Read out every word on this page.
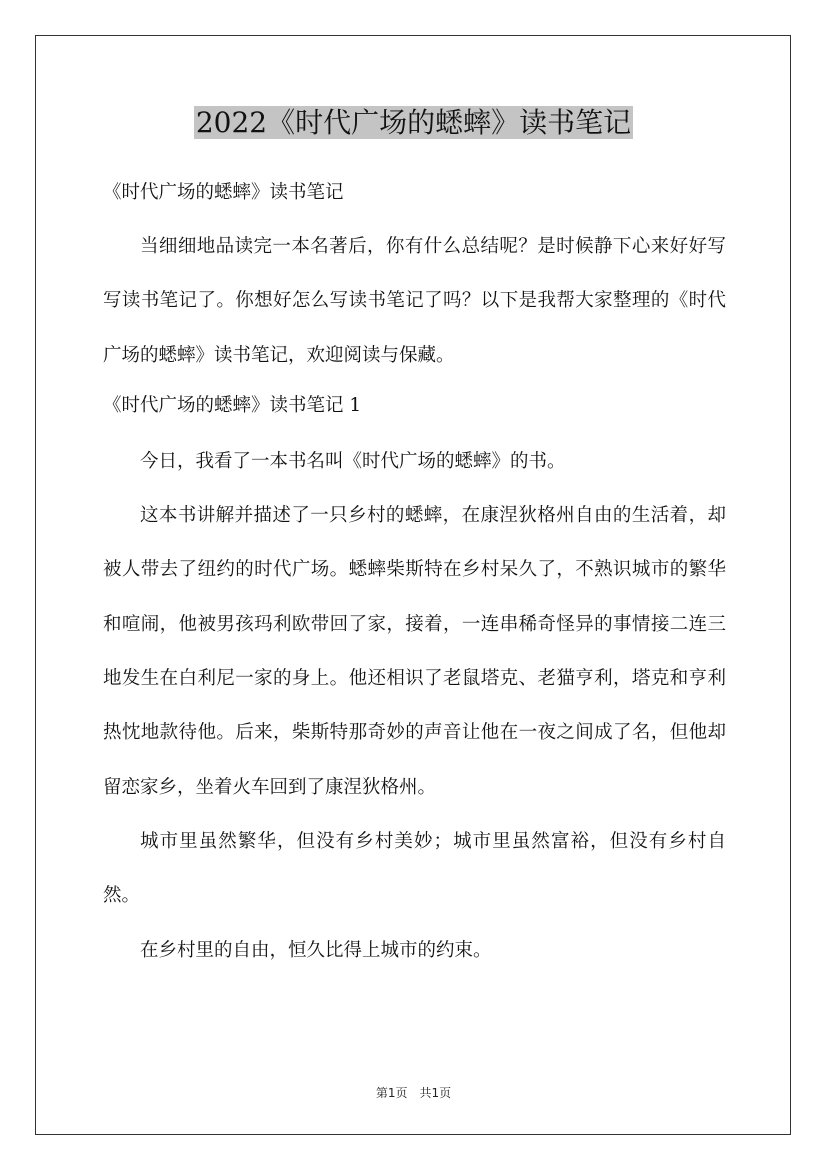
2022《时代广场的蟋蟀》读书笔记
《时代广场的蟋蟀》读书笔记
当细细地品读完一本名著后，你有什么总结呢？是时候静下心来好好写写读书笔记了。你想好怎么写读书笔记了吗？以下是我帮大家整理的《时代广场的蟋蟀》读书笔记，欢迎阅读与保藏。
《时代广场的蟋蟀》读书笔记 1
今日，我看了一本书名叫《时代广场的蟋蟀》的书。
这本书讲解并描述了一只乡村的蟋蟀，在康涅狄格州自由的生活着，却被人带去了纽约的时代广场。蟋蟀柴斯特在乡村呆久了，不熟识城市的繁华和喧闹，他被男孩玛利欧带回了家，接着，一连串稀奇怪异的事情接二连三地发生在白利尼一家的身上。他还相识了老鼠塔克、老猫亨利，塔克和亨利热忱地款待他。后来，柴斯特那奇妙的声音让他在一夜之间成了名，但他却留恋家乡，坐着火车回到了康涅狄格州。
城市里虽然繁华，但没有乡村美妙；城市里虽然富裕，但没有乡村自然。
在乡村里的自由，恒久比得上城市的约束。
第1页　共1页
